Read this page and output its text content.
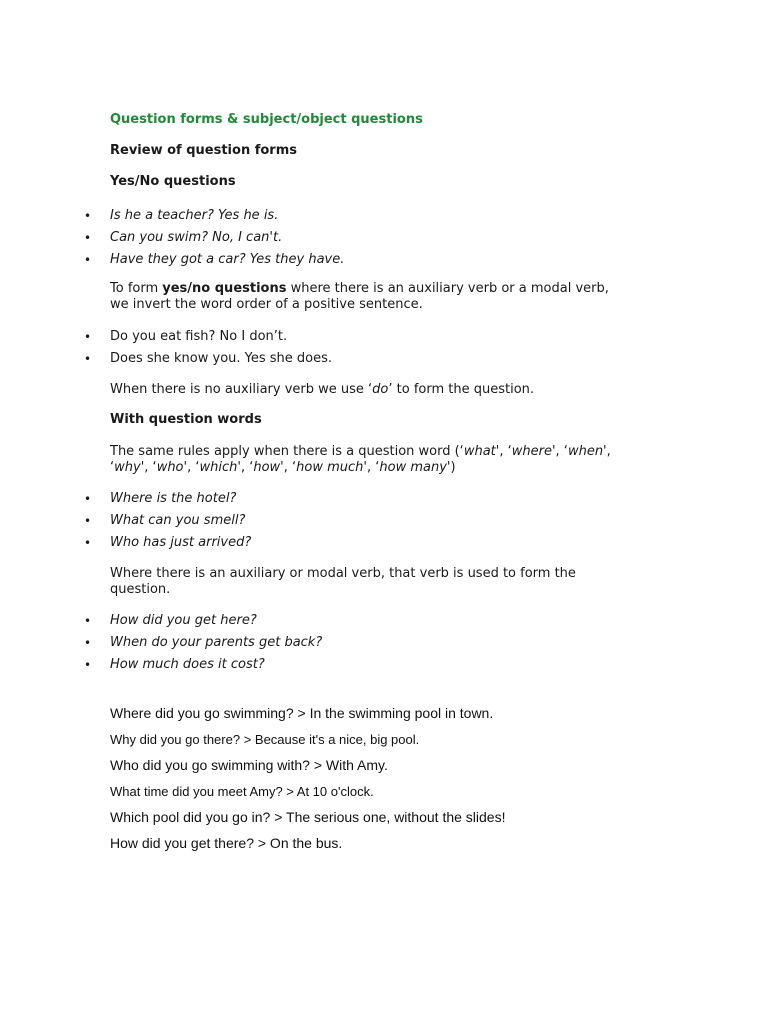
Question forms & subject/object questions
Review of question forms
Yes/No questions
• Is he a teacher? Yes he is.
• Can you swim? No, I can't.
• Have they got a car? Yes they have.
To form yes/no questions where there is an auxiliary verb or a modal verb,
we invert the word order of a positive sentence.
• Do you eat fish? No I don’t.
• Does she know you. Yes she does.
When there is no auxiliary verb we use ‘do’ to form the question.
With question words
The same rules apply when there is a question word (‘what', ‘where', ‘when',
‘why', ‘who', ‘which', ‘how', ‘how much', ‘how many')
• Where is the hotel?
• What can you smell?
• Who has just arrived?
Where there is an auxiliary or modal verb, that verb is used to form the
question.
• How did you get here?
• When do your parents get back?
• How much does it cost?
Where did you go swimming? > In the swimming pool in town.
Why did you go there? > Because it's a nice, big pool.
Who did you go swimming with? > With Amy.
What time did you meet Amy? > At 10 o'clock.
Which pool did you go in? > The serious one, without the slides!
How did you get there? > On the bus.
